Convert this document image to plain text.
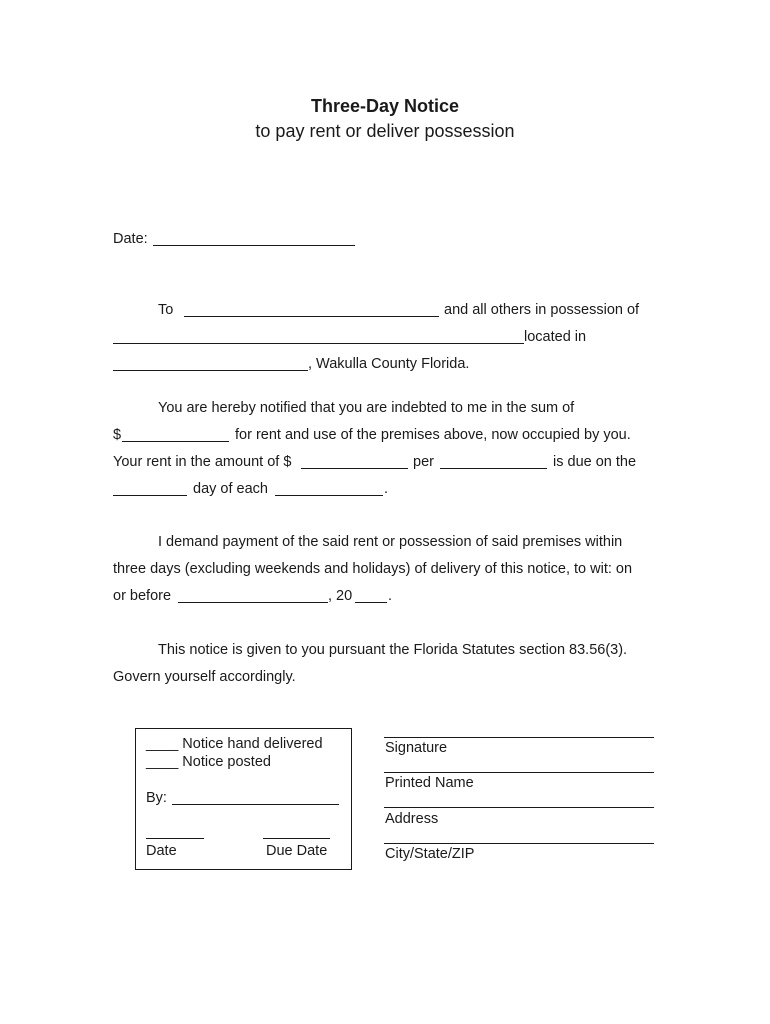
Three-Day Notice
to pay rent or deliver possession
Date:
To	and all others in possession of
located in
, Wakulla County Florida.
You are hereby notified that you are indebted to me in the sum of
$	for rent and use of the premises above, now occupied by you.
Your rent in the amount of $	per	is due on the
day of each	.
I demand payment of the said rent or possession of said premises within
three days (excluding weekends and holidays) of delivery of this notice, to wit: on
or before	, 20 .
This notice is given to you pursuant the Florida Statutes section 83.56(3).
Govern yourself accordingly.
____ Notice hand delivered
____ Notice posted
By:
Date	Due Date
Signature
Printed Name
Address
City/State/ZIP
